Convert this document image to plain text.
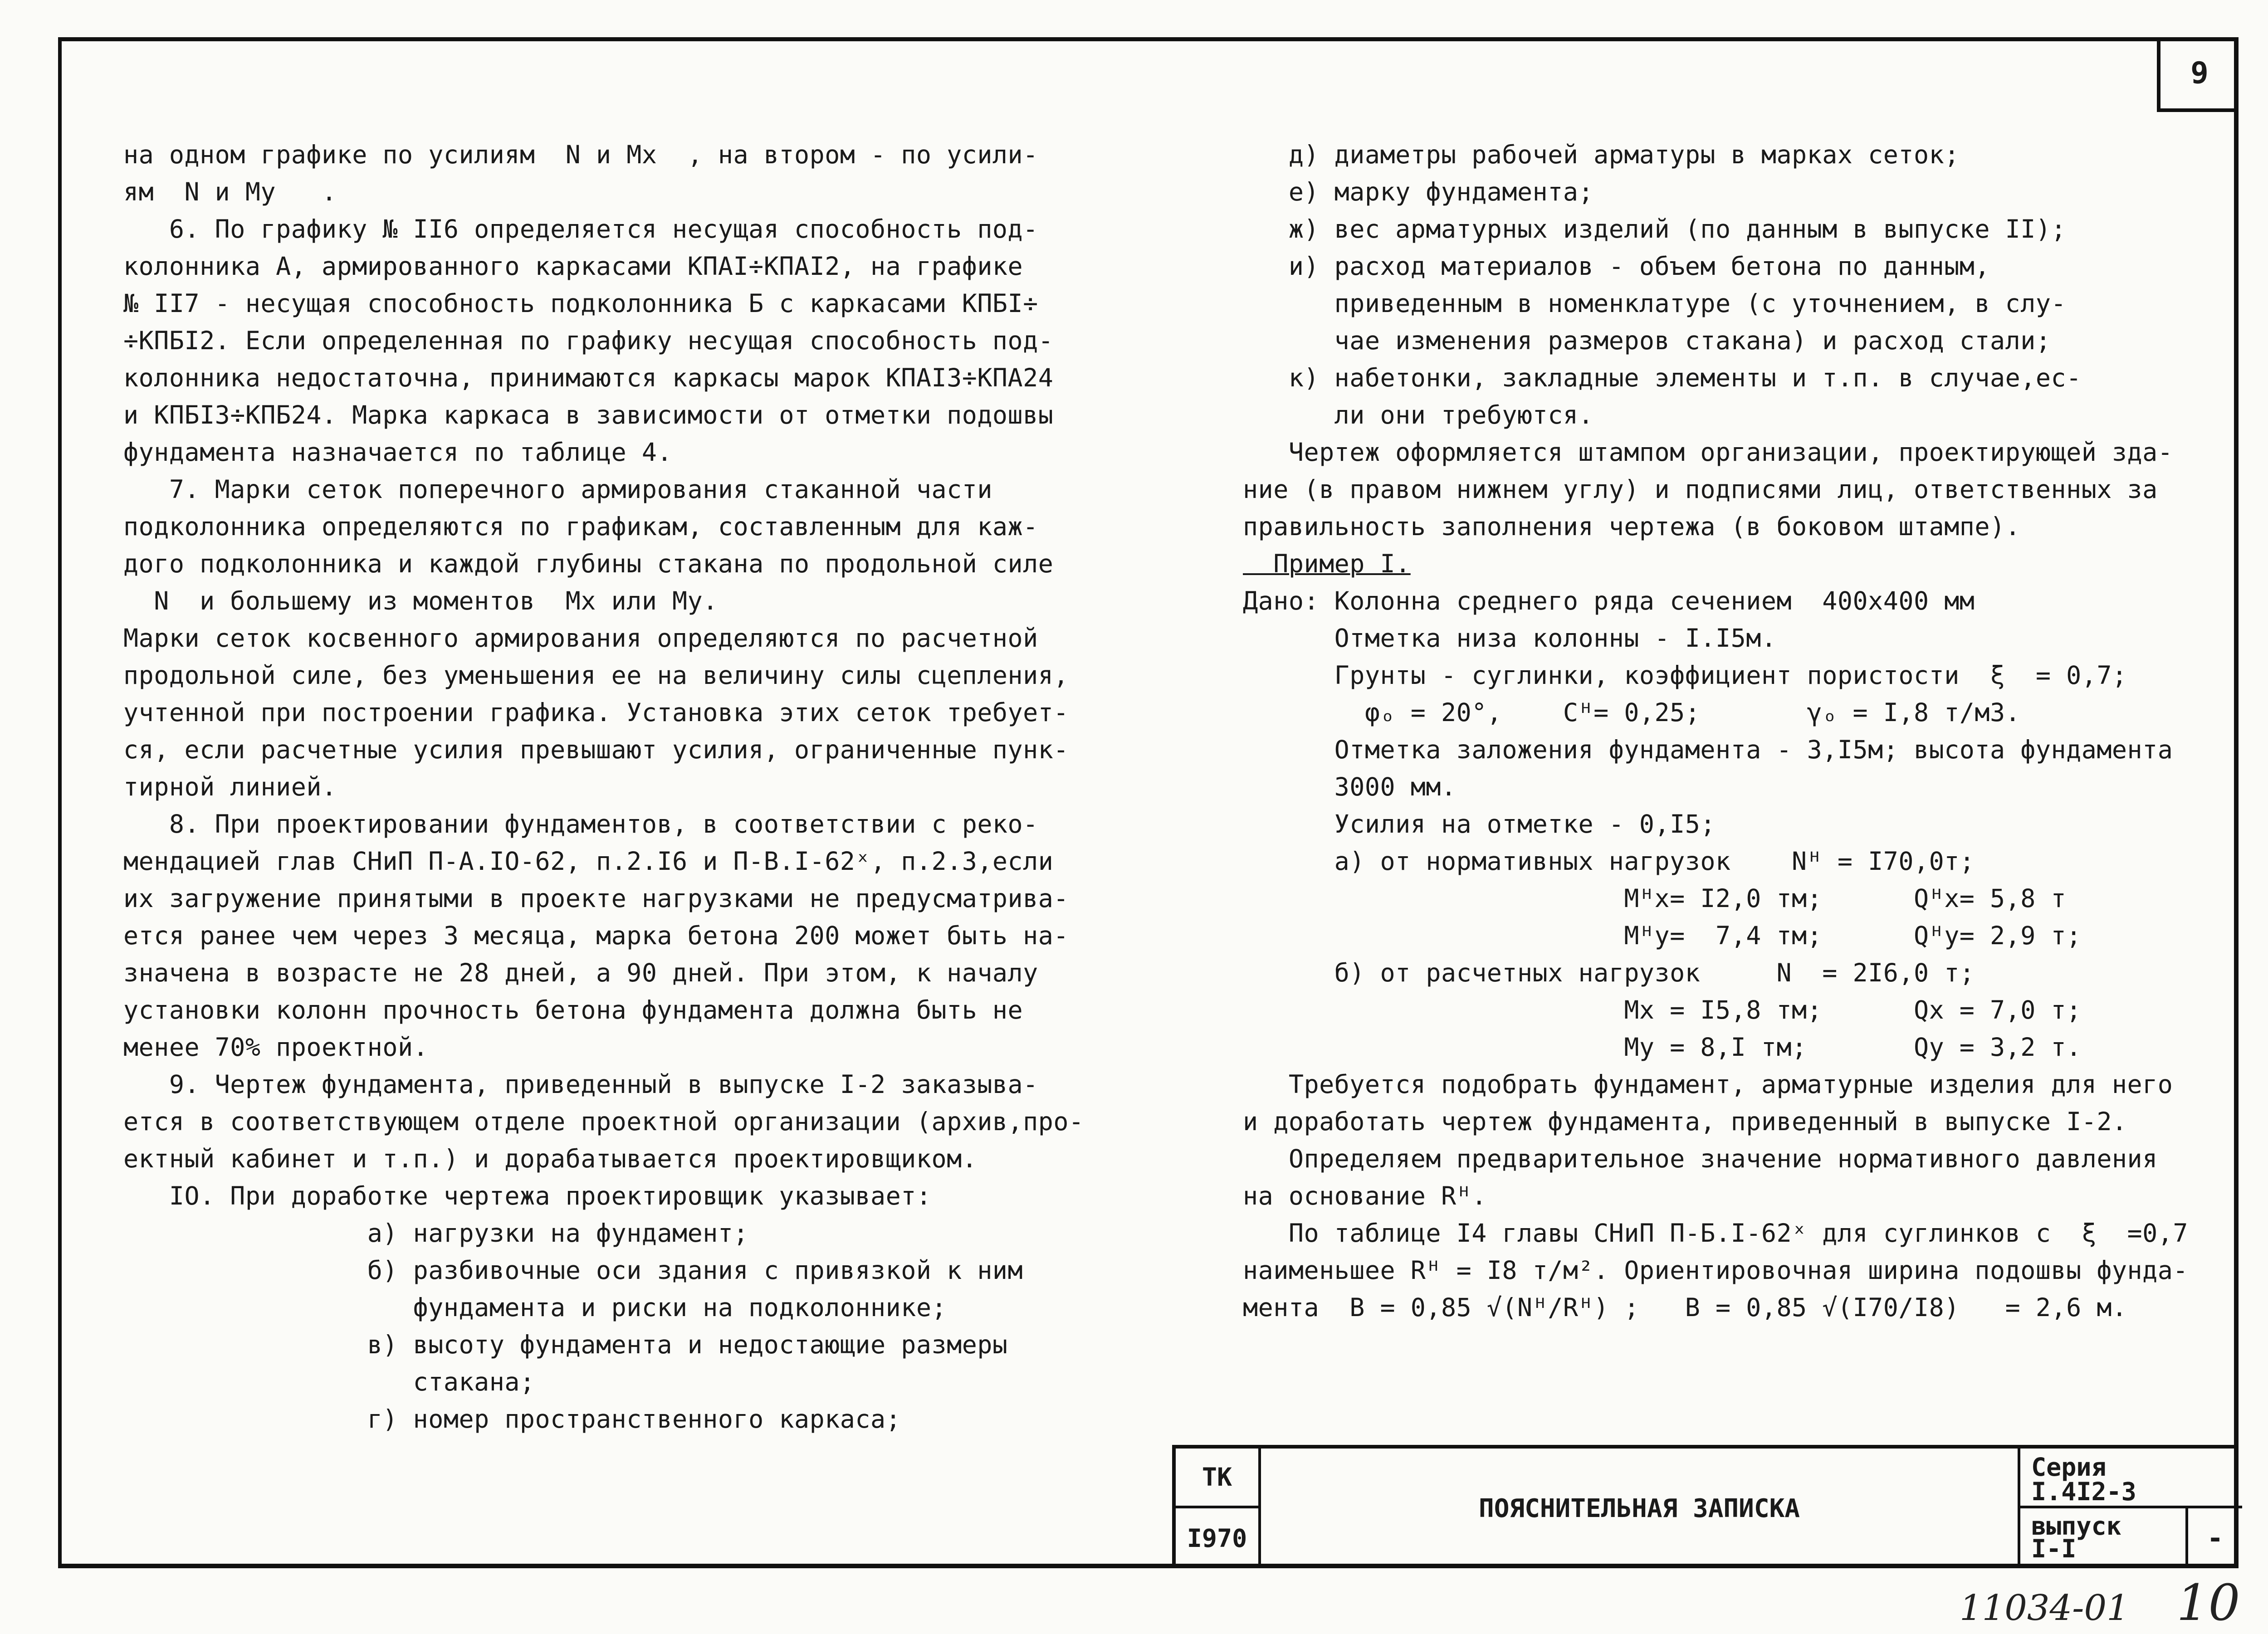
9
на одном графике по усилиям  N и Mx  , на втором - по усили-
ям  N и My   .
6. По графику № II6 определяется несущая способность под-
колонника А, армированного каркасами КПАI÷КПАI2, на графике
№ II7 - несущая способность подколонника Б с каркасами КПБI÷
÷КПБI2. Если определенная по графику несущая способность под-
колонника недостаточна, принимаются каркасы марок КПАI3÷КПА24
и КПБI3÷КПБ24. Марка каркаса в зависимости от отметки подошвы
фундамента назначается по таблице 4.
7. Марки сеток поперечного армирования стаканной части
подколонника определяются по графикам, составленным для каж-
дого подколонника и каждой глубины стакана по продольной силе
N  и большему из моментов  Mx или My.
Марки сеток косвенного армирования определяются по расчетной
продольной силе, без уменьшения ее на величину силы сцепления,
учтенной при построении графика. Установка этих сеток требует-
ся, если расчетные усилия превышают усилия, ограниченные пунк-
тирной линией.
8. При проектировании фундаментов, в соответствии с реко-
мендацией глав СНиП П-А.IO-62, п.2.I6 и П-В.I-62ˣ, п.2.3,если
их загружение принятыми в проекте нагрузками не предусматрива-
ется ранее чем через 3 месяца, марка бетона 200 может быть на-
значена в возрасте не 28 дней, а 90 дней. При этом, к началу
установки колонн прочность бетона фундамента должна быть не
менее 70% проектной.
9. Чертеж фундамента, приведенный в выпуске I-2 заказыва-
ется в соответствующем отделе проектной организации (архив,про-
ектный кабинет и т.п.) и дорабатывается проектировщиком.
IO. При доработке чертежа проектировщик указывает:
а) нагрузки на фундамент;
б) разбивочные оси здания с привязкой к ним
фундамента и риски на подколоннике;
в) высоту фундамента и недостающие размеры
стакана;
г) номер пространственного каркаса;
д) диаметры рабочей арматуры в марках сеток;
е) марку фундамента;
ж) вес арматурных изделий (по данным в выпуске II);
и) расход материалов - объем бетона по данным,
приведенным в номенклатуре (с уточнением, в слу-
чае изменения размеров стакана) и расход стали;
к) набетонки, закладные элементы и т.п. в случае,ес-
ли они требуются.
Чертеж оформляется штампом организации, проектирующей зда-
ние (в правом нижнем углу) и подписями лиц, ответственных за
правильность заполнения чертежа (в боковом штампе).
Пример I.
Дано: Колонна среднего ряда сечением  400х400 мм
Отметка низа колонны - I.I5м.
Грунты - суглинки, коэффициент пористости  ξ  = 0,7;
φₒ = 20°,    Cᴴ= 0,25;       γₒ = I,8 т/м3.
Отметка заложения фундамента - 3,I5м; высота фундамента
3000 мм.
Усилия на отметке - 0,I5;
а) от нормативных нагрузок    Nᴴ = I70,0т;
Mᴴx= I2,0 тм;      Qᴴx= 5,8 т
Mᴴy=  7,4 тм;      Qᴴy= 2,9 т;
б) от расчетных нагрузок     N  = 2I6,0 т;
Mx = I5,8 тм;      Qx = 7,0 т;
My = 8,I тм;       Qy = 3,2 т.
Требуется подобрать фундамент, арматурные изделия для него
и доработать чертеж фундамента, приведенный в выпуске I-2.
Определяем предварительное значение нормативного давления
на основание Rᴴ.
По таблице I4 главы СНиП П-Б.I-62ˣ для суглинков с  ξ  =0,7
наименьшее Rᴴ = I8 т/м². Ориентировочная ширина подошвы фунда-
мента  B = 0,85 √(Nᴴ/Rᴴ) ;   B = 0,85 √(I70/I8)   = 2,6 м.
ТК
I970
ПОЯСНИТЕЛЬНАЯ ЗАПИСКА
Серия
I.4I2-3
выпуск
I-I	-
11034-01 10
